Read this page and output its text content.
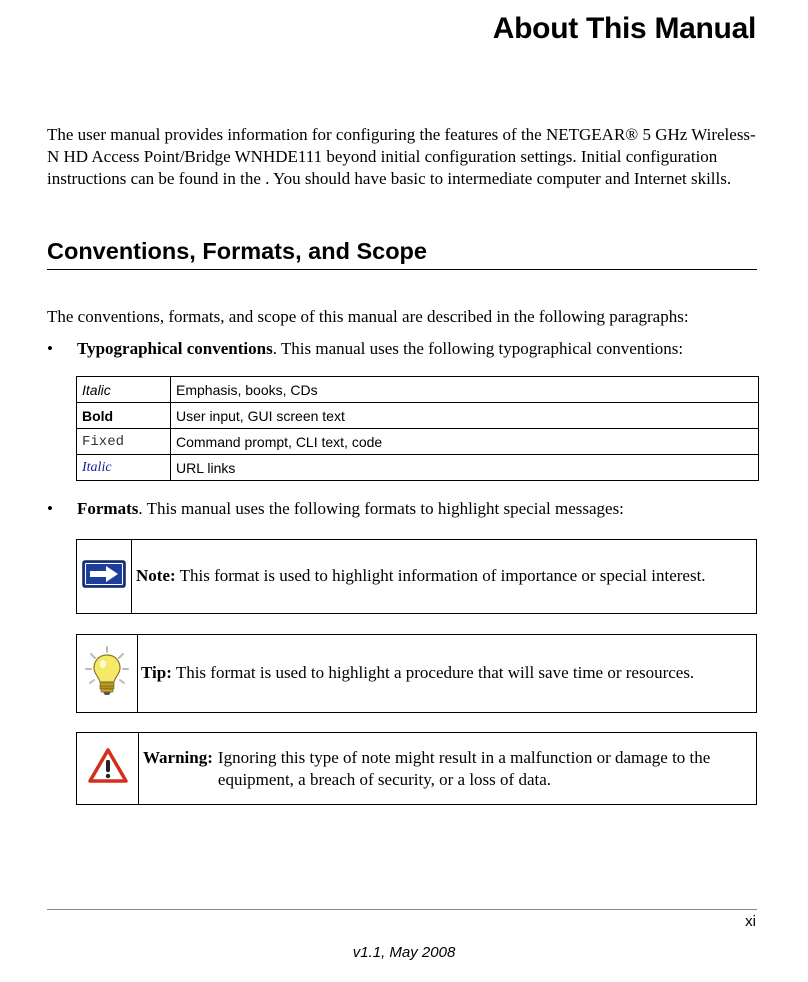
About This Manual
The user manual provides information for configuring the features of the NETGEAR® 5 GHz Wireless-N HD Access Point/Bridge WNHDE111 beyond initial configuration settings. Initial configuration instructions can be found in the . You should have basic to intermediate computer and Internet skills.
Conventions, Formats, and Scope
The conventions, formats, and scope of this manual are described in the following paragraphs:
• Typographical conventions. This manual uses the following typographical conventions:
Italic	Emphasis, books, CDs
Bold	User input, GUI screen text
Fixed	Command prompt, CLI text, code
Italic	URL links
• Formats. This manual uses the following formats to highlight special messages:
Note: This format is used to highlight information of importance or special interest.
Tip: This format is used to highlight a procedure that will save time or resources.
Warning: Ignoring this type of note might result in a malfunction or damage to the equipment, a breach of security, or a loss of data.
xi
v1.1, May 2008
